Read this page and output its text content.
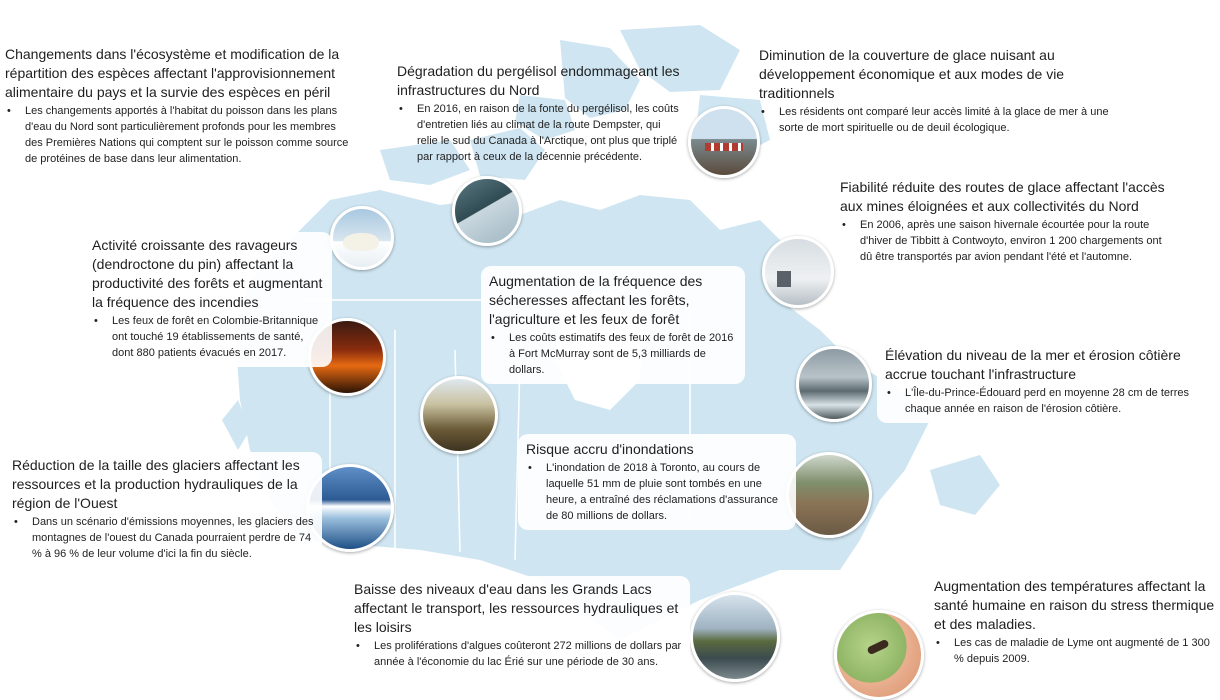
Changements dans l'écosystème et modification de la répartition des espèces affectant l'approvisionnement alimentaire du pays et la survie des espèces en péril
• Les changements apportés à l'habitat du poisson dans les plans d'eau du Nord sont particulièrement profonds pour les membres des Premières Nations qui comptent sur le poisson comme source de protéines de base dans leur alimentation.
Dégradation du pergélisol endommageant les infrastructures du Nord
• En 2016, en raison de la fonte du pergélisol, les coûts d'entretien liés au climat de la route Dempster, qui relie le sud du Canada à l'Arctique, ont plus que triplé par rapport à ceux de la décennie précédente.
Diminution de la couverture de glace nuisant au développement économique et aux modes de vie traditionnels
• Les résidents ont comparé leur accès limité à la glace de mer à une sorte de mort spirituelle ou de deuil écologique.
Fiabilité réduite des routes de glace affectant l'accès aux mines éloignées et aux collectivités du Nord
• En 2006, après une saison hivernale écourtée pour la route d'hiver de Tibbitt à Contwoyto, environ 1 200 chargements ont dû être transportés par avion pendant l'été et l'automne.
Activité croissante des ravageurs (dendroctone du pin) affectant la productivité des forêts et augmentant la fréquence des incendies
• Les feux de forêt en Colombie-Britannique ont touché 19 établissements de santé, dont 880 patients évacués en 2017.
Augmentation de la fréquence des sécheresses affectant les forêts, l'agriculture et les feux de forêt
• Les coûts estimatifs des feux de forêt de 2016 à Fort McMurray sont de 5,3 milliards de dollars.
Élévation du niveau de la mer et érosion côtière accrue touchant l'infrastructure
• L'Île-du-Prince-Édouard perd en moyenne 28 cm de terres chaque année en raison de l'érosion côtière.
Réduction de la taille des glaciers affectant les ressources et la production hydrauliques de la région de l'Ouest
• Dans un scénario d'émissions moyennes, les glaciers des montagnes de l'ouest du Canada pourraient perdre de 74 % à 96 % de leur volume d'ici la fin du siècle.
Risque accru d'inondations
• L'inondation de 2018 à Toronto, au cours de laquelle 51 mm de pluie sont tombés en une heure, a entraîné des réclamations d'assurance de 80 millions de dollars.
Baisse des niveaux d'eau dans les Grands Lacs affectant le transport, les ressources hydrauliques et les loisirs
• Les proliférations d'algues coûteront 272 millions de dollars par année à l'économie du lac Érié sur une période de 30 ans.
Augmentation des températures affectant la santé humaine en raison du stress thermique et des maladies.
• Les cas de maladie de Lyme ont augmenté de 1 300 % depuis 2009.
